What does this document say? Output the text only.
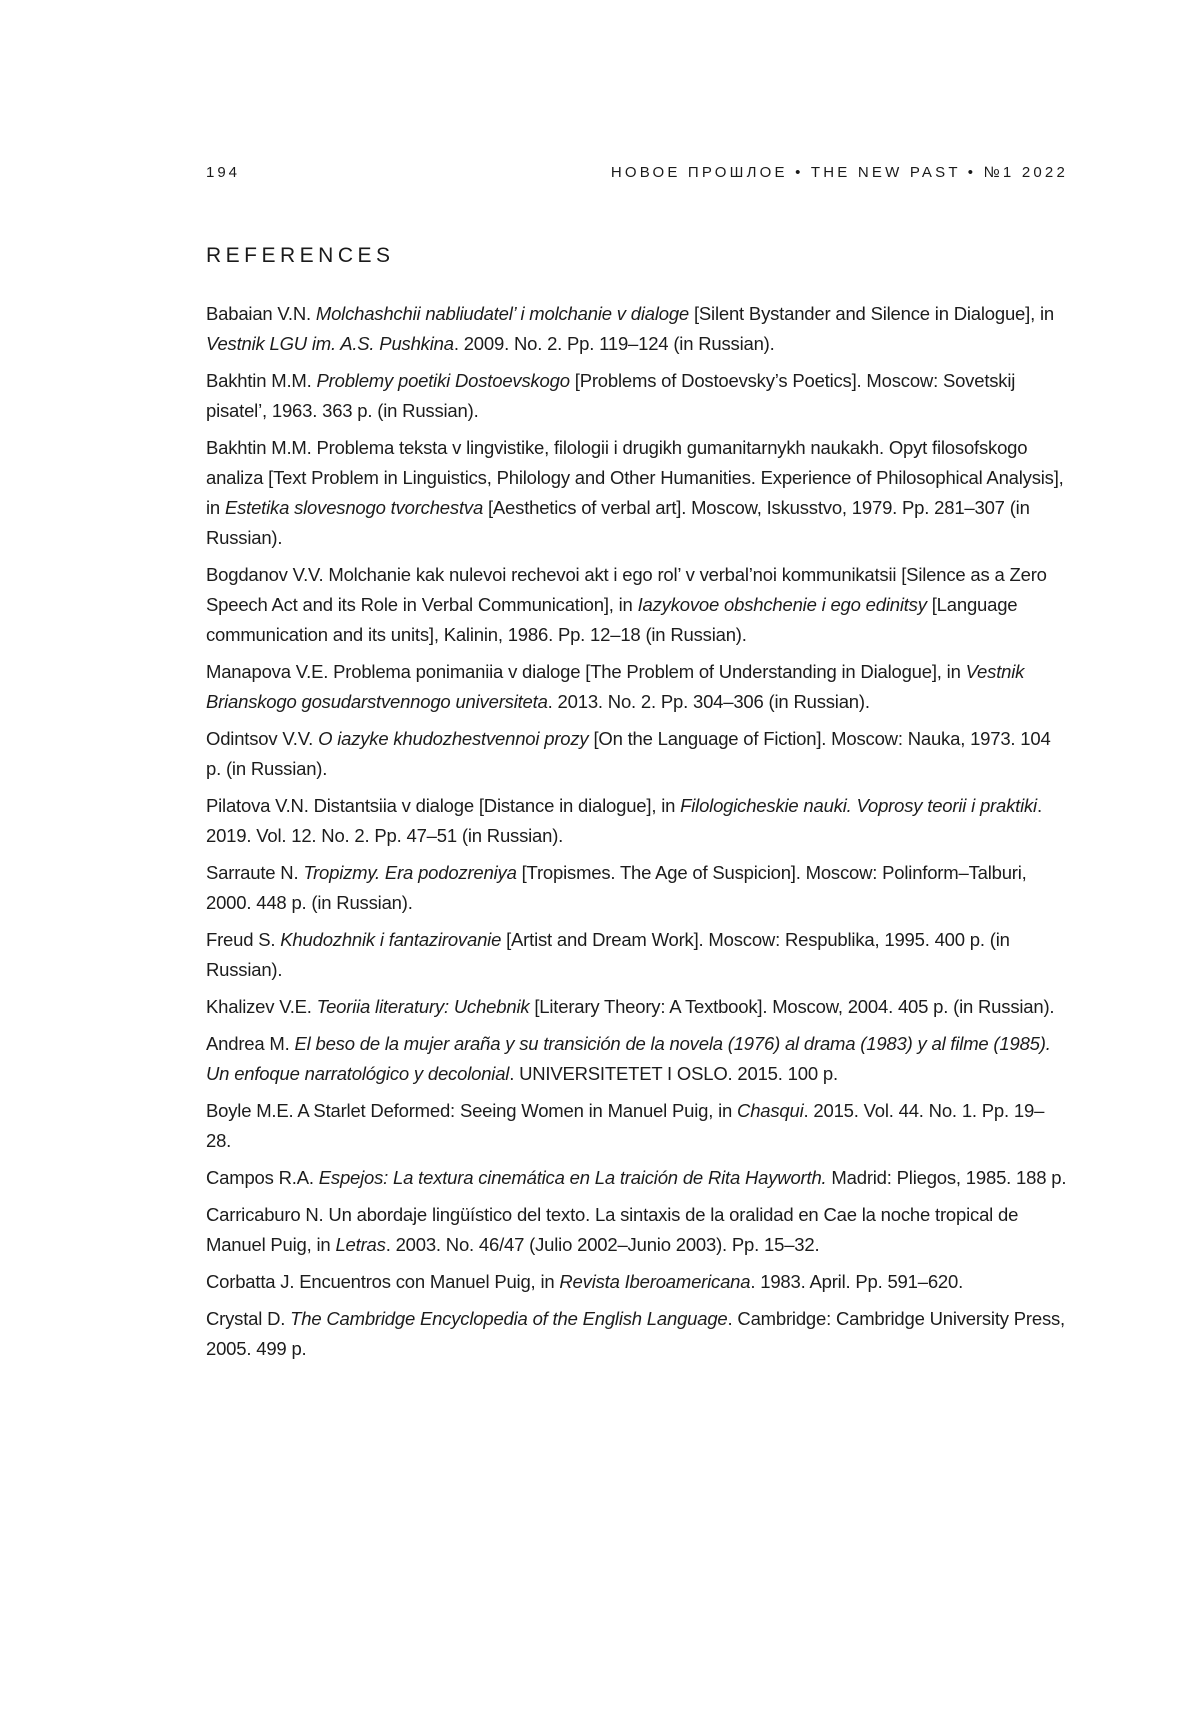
194	НОВОЕ ПРОШЛОЕ • THE NEW PAST • №1 2022
REFERENCES

Babaian V.N. Molchashchii nabliudatel’ i molchanie v dialoge [Silent Bystander and Silence in Dialogue], in Vestnik LGU im. A.S. Pushkina. 2009. No. 2. Pp. 119–124 (in Russian).

Bakhtin M.M. Problemy poetiki Dostoevskogo [Problems of Dostoevsky’s Poetics]. Moscow: Sovetskij pisatel’, 1963. 363 p. (in Russian).

Bakhtin M.M. Problema teksta v lingvistike, filologii i drugikh gumanitarnykh naukakh. Opyt filosofskogo analiza [Text Problem in Linguistics, Philology and Other Humanities. Experience of Philosophical Analysis], in Estetika slovesnogo tvorchestva [Aesthetics of verbal art]. Moscow, Iskusstvo, 1979. Pp. 281–307 (in Russian).

Bogdanov V.V. Molchanie kak nulevoi rechevoi akt i ego rol’ v verbal’noi kommunikatsii [Silence as a Zero Speech Act and its Role in Verbal Communication], in Iazykovoe obshchenie i ego edinitsy [Language communication and its units], Kalinin, 1986. Pp. 12–18 (in Russian).

Manapova V.E. Problema ponimaniia v dialoge [The Problem of Understanding in Dialogue], in Vestnik Brianskogo gosudarstvennogo universiteta. 2013. No. 2. Pp. 304–306 (in Russian).

Odintsov V.V. O iazyke khudozhestvennoi prozy [On the Language of Fiction]. Moscow: Nauka, 1973. 104 p. (in Russian).

Pilatova V.N. Distantsiia v dialoge [Distance in dialogue], in Filologicheskie nauki. Voprosy teorii i praktiki. 2019. Vol. 12. No. 2. Pp. 47–51 (in Russian).

Sarraute N. Tropizmy. Era podozreniya [Tropismes. The Age of Suspicion]. Moscow: Polinform–Talburi, 2000. 448 p. (in Russian).

Freud S. Khudozhnik i fantazirovanie [Artist and Dream Work]. Moscow: Respublika, 1995. 400 p. (in Russian).

Khalizev V.E. Teoriia literatury: Uchebnik [Literary Theory: A Textbook]. Moscow, 2004. 405 p. (in Russian).

Andrea M. El beso de la mujer araña y su transición de la novela (1976) al drama (1983) y al filme (1985). Un enfoque narratológico y decolonial. UNIVERSITETET I OSLO. 2015. 100 p.

Boyle M.E. A Starlet Deformed: Seeing Women in Manuel Puig, in Chasqui. 2015. Vol. 44. No. 1. Pp. 19–28.

Campos R.A. Espejos: La textura cinemática en La traición de Rita Hayworth. Madrid: Pliegos, 1985. 188 p.

Carricaburo N. Un abordaje lingüístico del texto. La sintaxis de la oralidad en Cae la noche tropical de Manuel Puig, in Letras. 2003. No. 46/47 (Julio 2002–Junio 2003). Pp. 15–32.

Corbatta J. Encuentros con Manuel Puig, in Revista Iberoamericana. 1983. April. Pp. 591–620.

Crystal D. The Cambridge Encyclopedia of the English Language. Cambridge: Cambridge University Press, 2005. 499 p.
